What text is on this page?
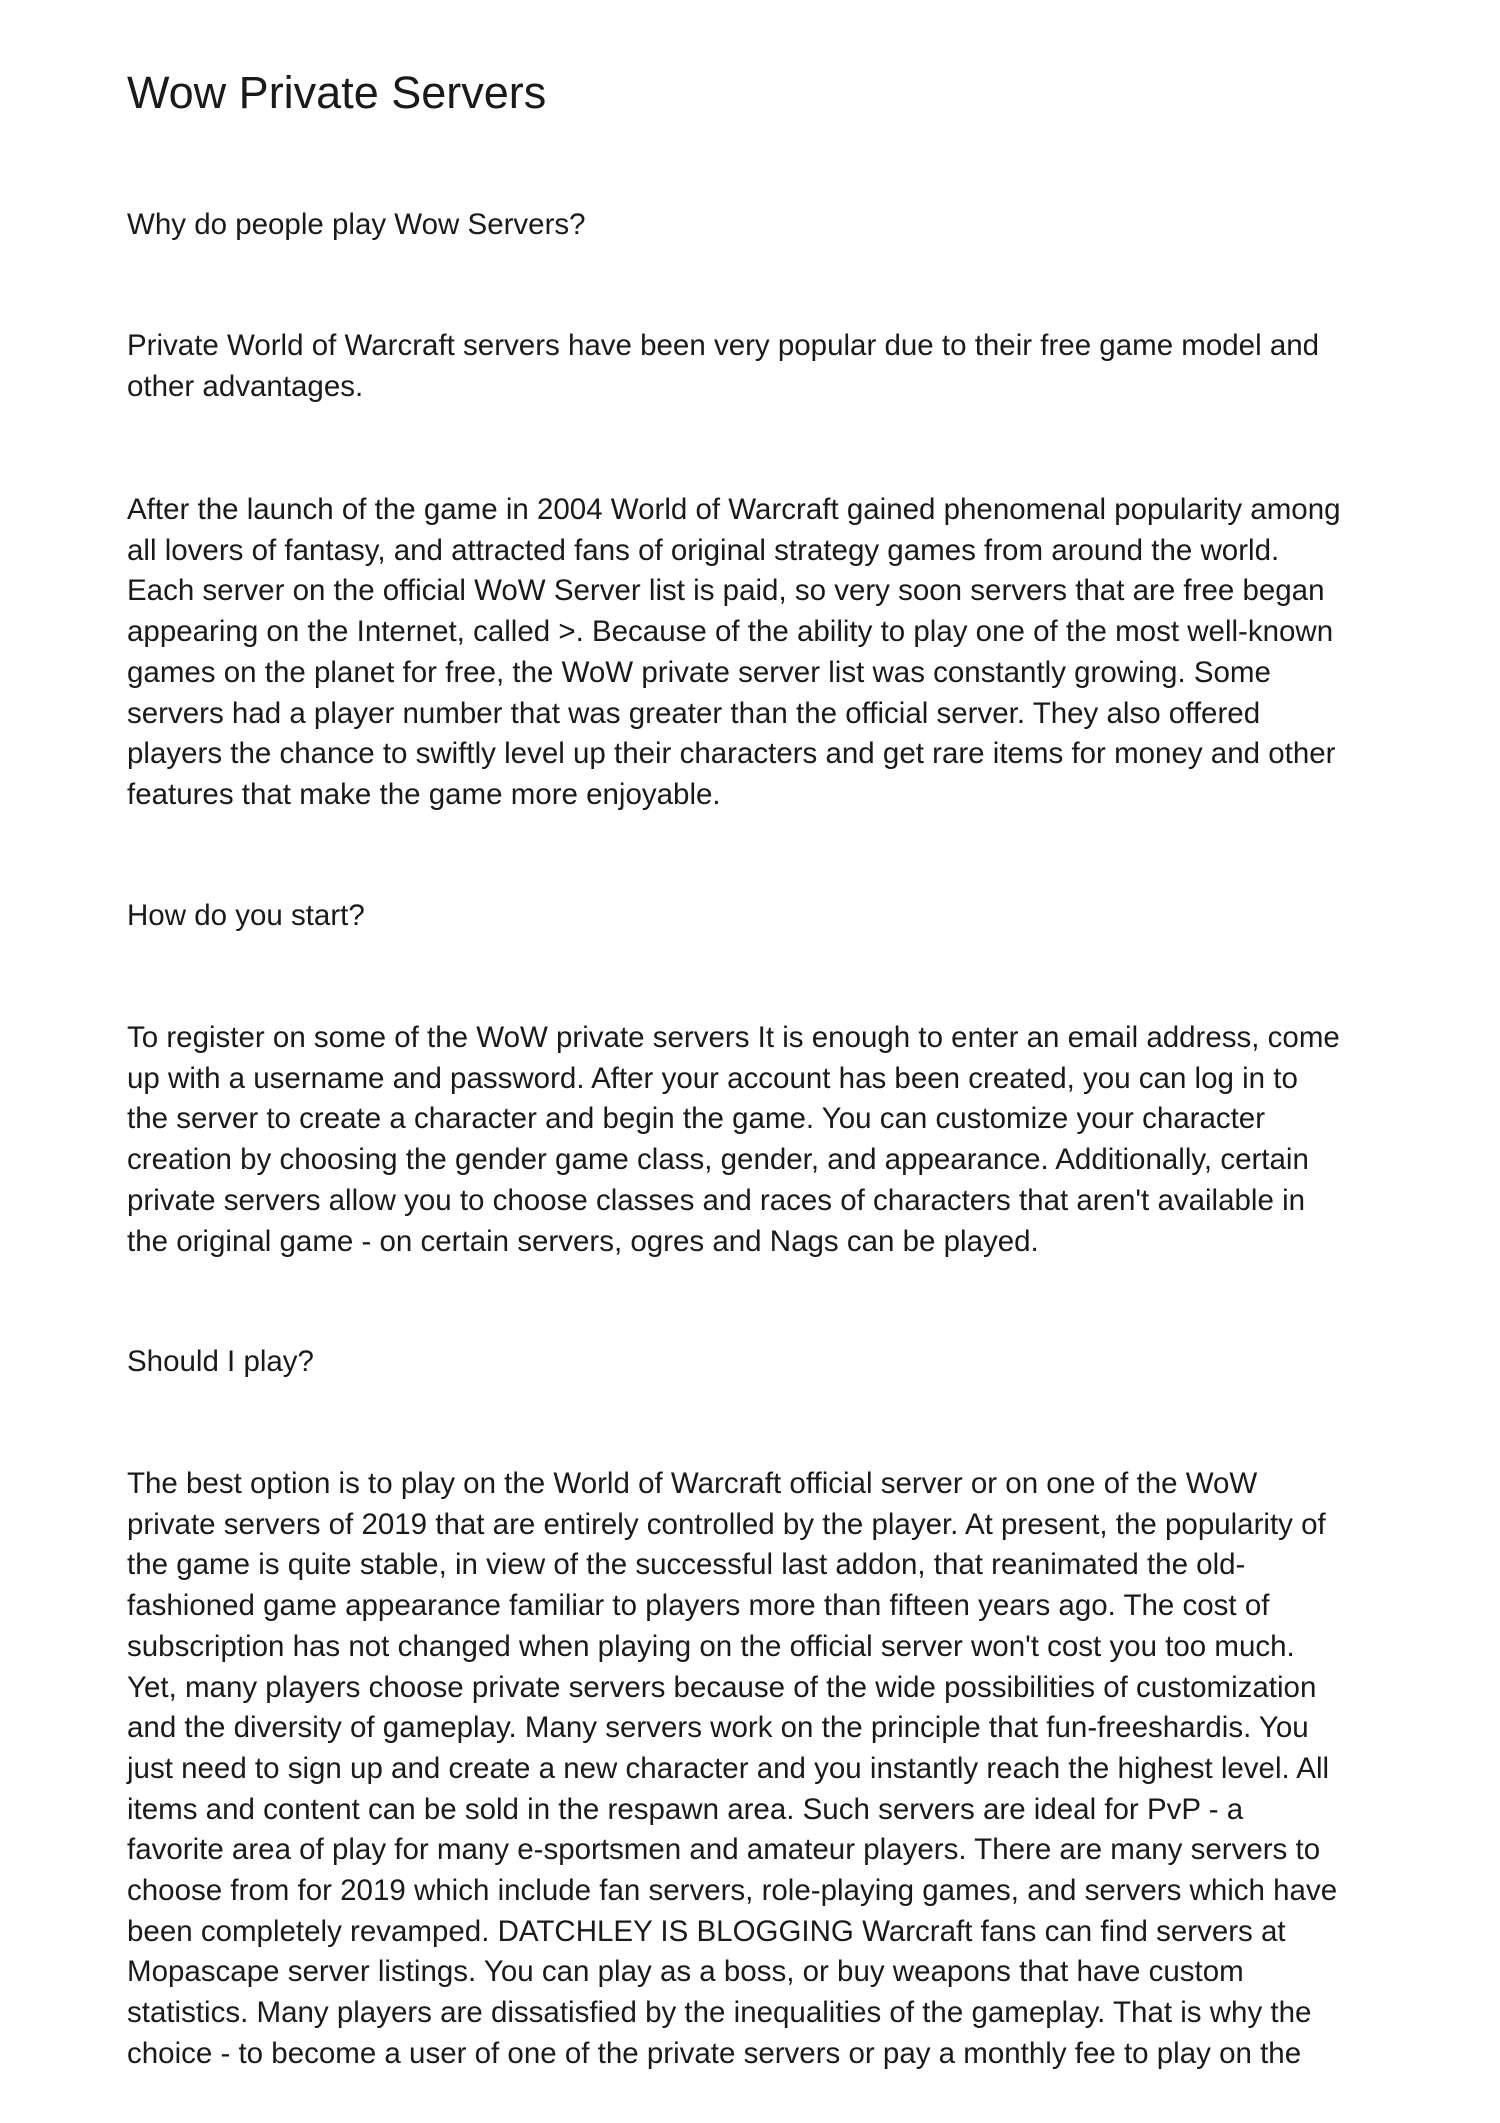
Wow Private Servers
Why do people play Wow Servers?
Private World of Warcraft servers have been very popular due to their free game model and
other advantages.
After the launch of the game in 2004 World of Warcraft gained phenomenal popularity among
all lovers of fantasy, and attracted fans of original strategy games from around the world.
Each server on the official WoW Server list is paid, so very soon servers that are free began
appearing on the Internet, called >. Because of the ability to play one of the most well-known
games on the planet for free, the WoW private server list was constantly growing. Some
servers had a player number that was greater than the official server. They also offered
players the chance to swiftly level up their characters and get rare items for money and other
features that make the game more enjoyable.
How do you start?
To register on some of the WoW private servers It is enough to enter an email address, come
up with a username and password. After your account has been created, you can log in to
the server to create a character and begin the game. You can customize your character
creation by choosing the gender game class, gender, and appearance. Additionally, certain
private servers allow you to choose classes and races of characters that aren't available in
the original game - on certain servers, ogres and Nags can be played.
Should I play?
The best option is to play on the World of Warcraft official server or on one of the WoW
private servers of 2019 that are entirely controlled by the player. At present, the popularity of
the game is quite stable, in view of the successful last addon, that reanimated the old-
fashioned game appearance familiar to players more than fifteen years ago. The cost of
subscription has not changed when playing on the official server won't cost you too much.
Yet, many players choose private servers because of the wide possibilities of customization
and the diversity of gameplay. Many servers work on the principle that fun-freeshardis. You
just need to sign up and create a new character and you instantly reach the highest level. All
items and content can be sold in the respawn area. Such servers are ideal for PvP - a
favorite area of play for many e-sportsmen and amateur players. There are many servers to
choose from for 2019 which include fan servers, role-playing games, and servers which have
been completely revamped. DATCHLEY IS BLOGGING Warcraft fans can find servers at
Mopascape server listings. You can play as a boss, or buy weapons that have custom
statistics. Many players are dissatisfied by the inequalities of the gameplay. That is why the
choice - to become a user of one of the private servers or pay a monthly fee to play on the
